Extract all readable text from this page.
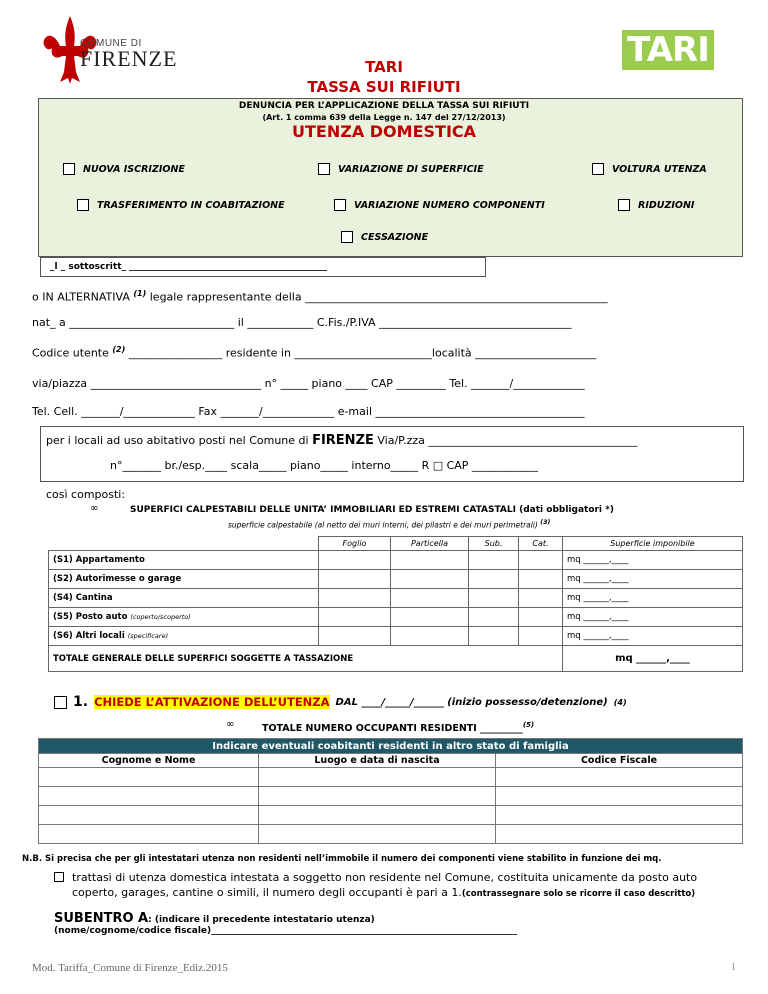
COMUNE DI
FIRENZE	TARI
TARI
TASSA SUI RIFIUTI
DENUNCIA PER L’APPLICAZIONE DELLA TASSA SUI RIFIUTI
(Art. 1 comma 639 della Legge n. 147 del 27/12/2013)
UTENZA DOMESTICA
NUOVA ISCRIZIONE	VARIAZIONE DI SUPERFICIE	VOLTURA UTENZA
TRASFERIMENTO IN COABITAZIONE	VARIAZIONE NUMERO COMPONENTI	RIDUZIONI
CESSAZIONE
_l _ sottoscritt_ ____________________________________________
o IN ALTERNATIVA $^{(1)}$ legale rappresentante della _______________________________________________________
nat_ a ______________________________ il ____________ C.Fis./P.IVA ___________________________________
Codice utente $^{(2)}$ _________________ residente in _________________________località ______________________
via/piazza _______________________________ n° _____ piano ____ CAP _________ Tel. _______/_____________
Tel. Cell. _______/_____________ Fax _______/_____________ e-mail ______________________________________
per i locali ad uso abitativo posti nel Comune di FIRENZE Via/P.zza ______________________________________
n°_______ br./esp.____ scala_____ piano_____ interno_____ R □ CAP ____________
così composti:
∞	SUPERFICI CALPESTABILI DELLE UNITA’ IMMOBILIARI ED ESTREMI CATASTALI (dati obbligatori *)
superficie calpestabile (al netto dei muri interni, dei pilastri e dei muri perimetrali) $^{(3)}$
	Foglio	Particella	Sub.	Cat.	Superficie imponibile
(S1) Appartamento					mq ______,____
(S2) Autorimesse o garage					mq ______,____
(S4) Cantina					mq ______,____
(S5) Posto auto (coperto/scoperto)					mq ______,____
(S6) Altri locali (specificare)					mq ______,____
TOTALE GENERALE DELLE SUPERFICI SOGGETTE A TASSAZIONE					mq ______,____
1. CHIEDE L’ATTIVAZIONE DELL’UTENZA DAL ____/_____/______ (inizio possesso/detenzione) (4)
∞	TOTALE NUMERO OCCUPANTI RESIDENTI _________$^{(5)}$
Indicare eventuali coabitanti residenti in altro stato di famiglia		
Cognome e Nome	Luogo e data di nascita	Codice Fiscale

N.B. Si precisa che per gli intestatari utenza non residenti nell’immobile il numero dei componenti viene stabilito in funzione dei mq.
trattasi di utenza domestica intestata a soggetto non residente nel Comune, costituita unicamente da posto auto
coperto, garages, cantine o simili, il numero degli occupanti è pari a 1.(contrassegnare solo se ricorre il caso descritto)
SUBENTRO A: (indicare il precedente intestatario utenza)
(nome/cognome/codice fiscale)____________________________________________________________________
Mod. Tariffa_Comune di Firenze_Ediz.2015	1
